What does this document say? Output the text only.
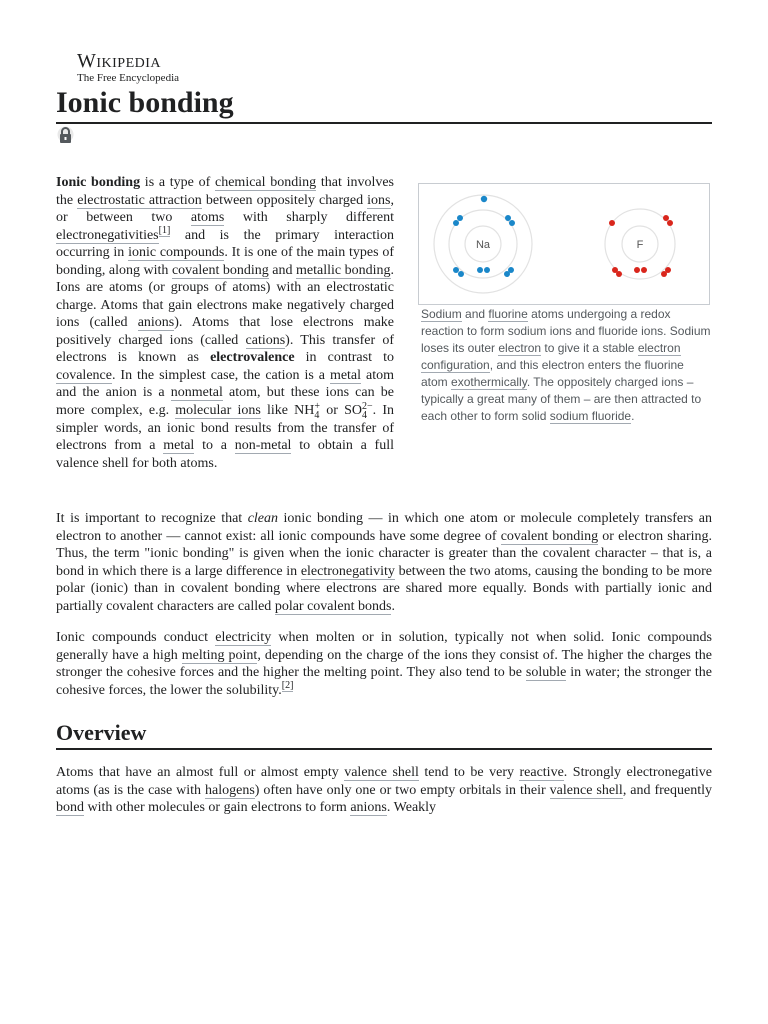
Wikipedia
The Free Encyclopedia
Ionic bonding

Ionic bonding is a type of chemical bonding that involves the electrostatic attraction between oppositely charged ions, or between two atoms with sharply different electronegativities[1] and is the primary interaction occurring in ionic compounds. It is one of the main types of bonding, along with covalent bonding and metallic bonding. Ions are atoms (or groups of atoms) with an electrostatic charge. Atoms that gain electrons make negatively charged ions (called anions). Atoms that lose electrons make positively charged ions (called cations). This transfer of electrons is known as electrovalence in contrast to covalence. In the simplest case, the cation is a metal atom and the anion is a nonmetal atom, but these ions can be more complex, e.g. molecular ions like NH +
4 or SO 2−
4 . In simpler words, an ionic bond results from the transfer of electrons from a metal to a non-metal to obtain a full valence shell for both atoms.

Na	F

Sodium and fluorine atoms undergoing a redox reaction to form sodium ions and fluoride ions. Sodium loses its outer electron to give it a stable electron configuration, and this electron enters the fluorine atom exothermically. The oppositely charged ions – typically a great many of them – are then attracted to each other to form solid sodium fluoride.

It is important to recognize that clean ionic bonding — in which one atom or molecule completely transfers an electron to another — cannot exist: all ionic compounds have some degree of covalent bonding or electron sharing. Thus, the term "ionic bonding" is given when the ionic character is greater than the covalent character – that is, a bond in which there is a large difference in electronegativity between the two atoms, causing the bonding to be more polar (ionic) than in covalent bonding where electrons are shared more equally. Bonds with partially ionic and partially covalent characters are called polar covalent bonds.

Ionic compounds conduct electricity when molten or in solution, typically not when solid. Ionic compounds generally have a high melting point, depending on the charge of the ions they consist of. The higher the charges the stronger the cohesive forces and the higher the melting point. They also tend to be soluble in water; the stronger the cohesive forces, the lower the solubility.[2]

Overview

Atoms that have an almost full or almost empty valence shell tend to be very reactive. Strongly electronegative atoms (as is the case with halogens) often have only one or two empty orbitals in their valence shell, and frequently bond with other molecules or gain electrons to form anions. Weakly
